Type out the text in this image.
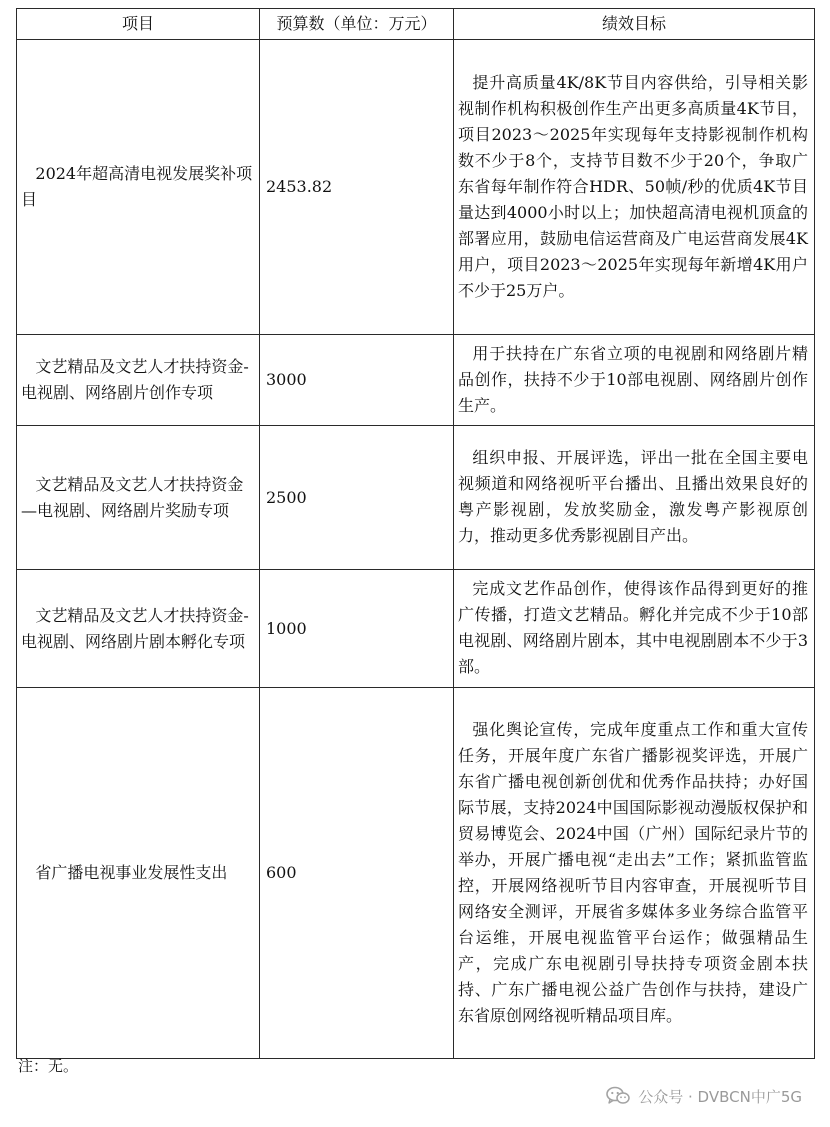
项目	预算数（单位：万元）	绩效目标
2024年超高清电视发展奖补项目	2453.82	提升高质量4K/8K节目内容供给，引导相关影视制作机构积极创作生产出更多高质量4K节目，项目2023～2025年实现每年支持影视制作机构数不少于8个，支持节目数不少于20个，争取广东省每年制作符合HDR、50帧/秒的优质4K节目量达到4000小时以上；加快超高清电视机顶盒的部署应用，鼓励电信运营商及广电运营商发展4K用户，项目2023～2025年实现每年新增4K用户不少于25万户。
文艺精品及文艺人才扶持资金-电视剧、网络剧片创作专项	3000	用于扶持在广东省立项的电视剧和网络剧片精品创作，扶持不少于10部电视剧、网络剧片创作生产。
文艺精品及文艺人才扶持资金—电视剧、网络剧片奖励专项	2500	组织申报、开展评选，评出一批在全国主要电视频道和网络视听平台播出、且播出效果良好的粤产影视剧，发放奖励金，激发粤产影视原创力，推动更多优秀影视剧目产出。
文艺精品及文艺人才扶持资金-电视剧、网络剧片剧本孵化专项	1000	完成文艺作品创作，使得该作品得到更好的推广传播，打造文艺精品。孵化并完成不少于10部电视剧、网络剧片剧本，其中电视剧剧本不少于3部。
省广播电视事业发展性支出	600	强化舆论宣传，完成年度重点工作和重大宣传任务，开展年度广东省广播影视奖评选，开展广东省广播电视创新创优和优秀作品扶持；办好国际节展，支持2024中国国际影视动漫版权保护和贸易博览会、2024中国（广州）国际纪录片节的举办，开展广播电视“走出去”工作；紧抓监管监控，开展网络视听节目内容审查，开展视听节目网络安全测评，开展省多媒体多业务综合监管平台运维，开展电视监管平台运作；做强精品生产，完成广东电视剧引导扶持专项资金剧本扶持、广东广播电视公益广告创作与扶持，建设广东省原创网络视听精品项目库。
注：无。
公众号 · DVBCN中广5G
